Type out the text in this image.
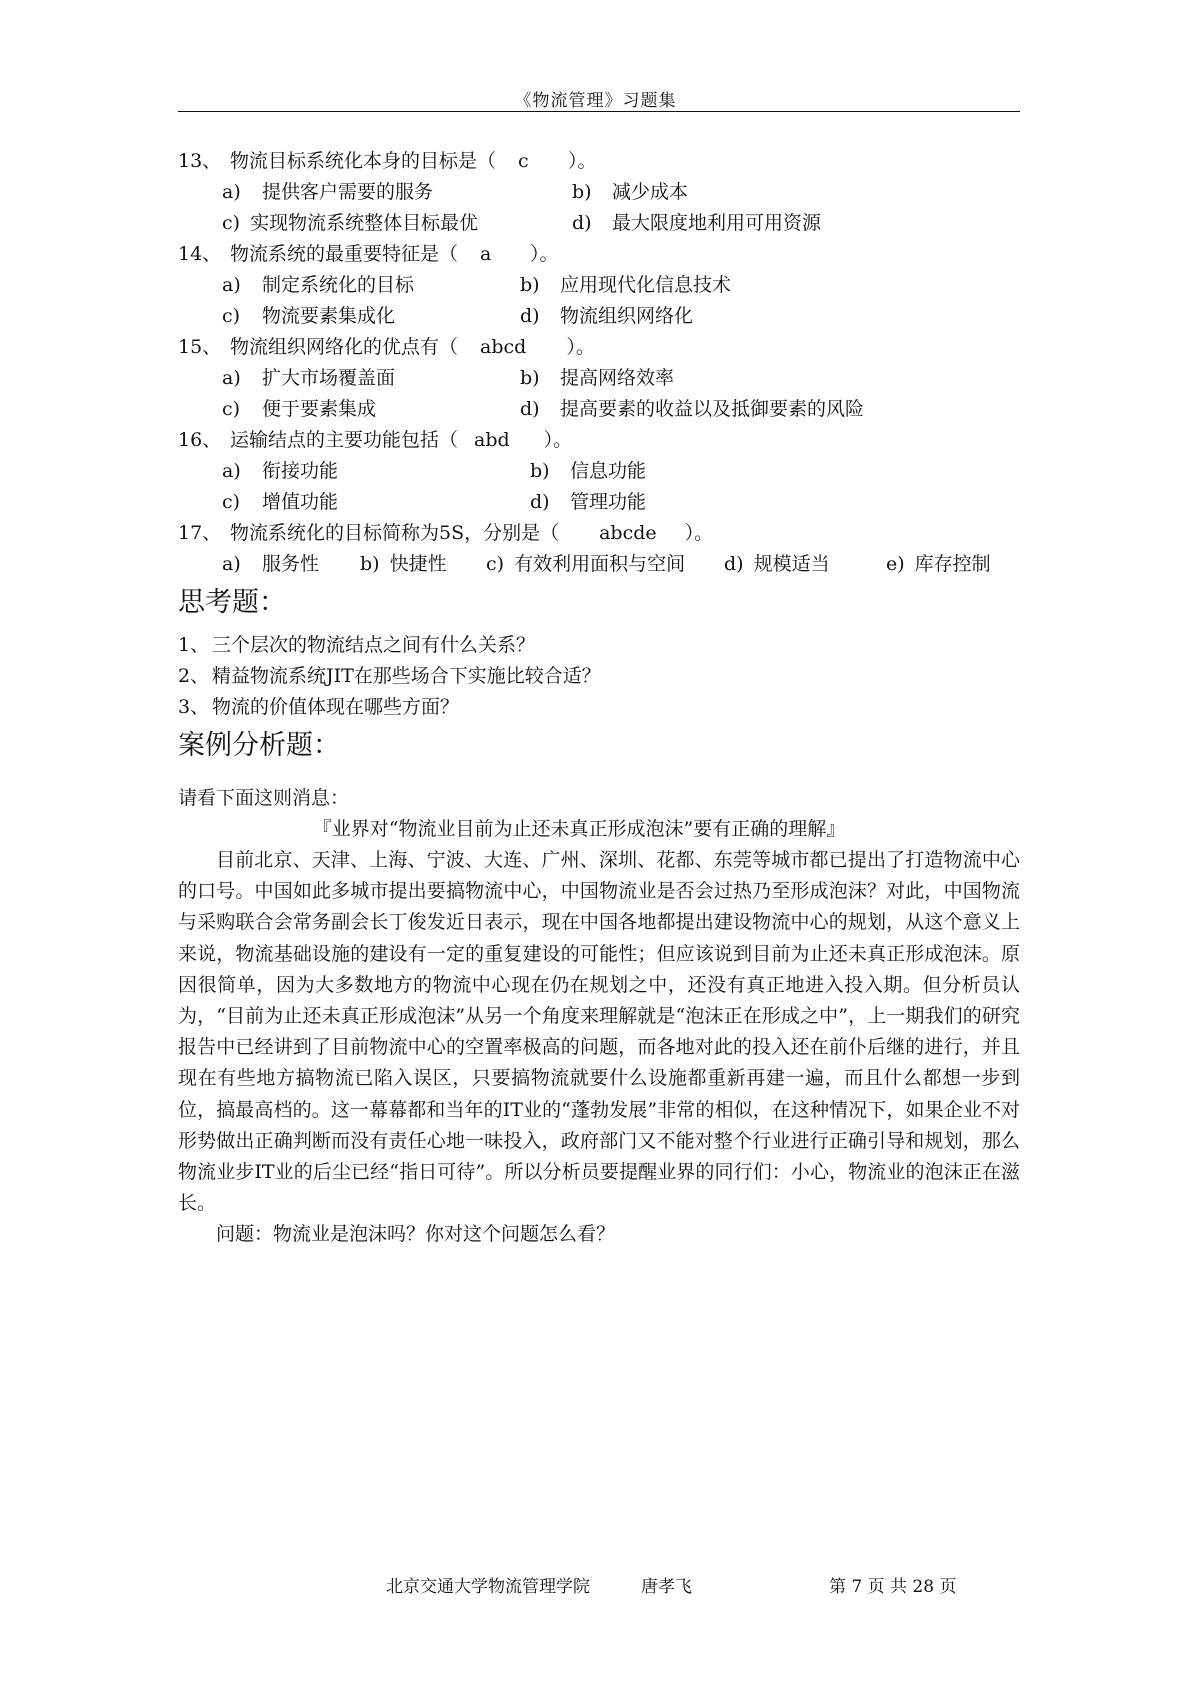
《物流管理》习题集
13、 物流目标系统化本身的目标是（ c ）。
a) 提供客户需要的服务	b) 减少成本
c) 实现物流系统整体目标最优	d) 最大限度地利用可用资源
14、 物流系统的最重要特征是（ a ）。
a) 制定系统化的目标	b) 应用现代化信息技术
c) 物流要素集成化	d) 物流组织网络化
15、 物流组织网络化的优点有（ abcd ）。
a) 扩大市场覆盖面	b) 提高网络效率
c) 便于要素集成	d) 提高要素的收益以及抵御要素的风险
16、 运输结点的主要功能包括（ abd ）。
a) 衔接功能	b) 信息功能
c) 增值功能	d) 管理功能
17、 物流系统化的目标简称为5S，分别是（ abcde ）。
a) 服务性 b) 快捷性 c) 有效利用面积与空间 d) 规模适当	e) 库存控制
思考题：
1、 三个层次的物流结点之间有什么关系？
2、 精益物流系统JIT在那些场合下实施比较合适？
3、 物流的价值体现在哪些方面？
案例分析题：
请看下面这则消息：
『业界对“物流业目前为止还未真正形成泡沫”要有正确的理解』

目前北京、天津、上海、宁波、大连、广州、深圳、花都、东莞等城市都已提出了打造物流中心的口号。中国如此多城市提出要搞物流中心，中国物流业是否会过热乃至形成泡沫？对此，中国物流与采购联合会常务副会长丁俊发近日表示，现在中国各地都提出建设物流中心的规划，从这个意义上来说，物流基础设施的建设有一定的重复建设的可能性；但应该说到目前为止还未真正形成泡沫。原因很简单，因为大多数地方的物流中心现在仍在规划之中，还没有真正地进入投入期。但分析员认为，“目前为止还未真正形成泡沫”从另一个角度来理解就是“泡沫正在形成之中”，上一期我们的研究报告中已经讲到了目前物流中心的空置率极高的问题，而各地对此的投入还在前仆后继的进行，并且现在有些地方搞物流已陷入误区，只要搞物流就要什么设施都重新再建一遍，而且什么都想一步到位，搞最高档的。这一幕幕都和当年的IT业的“蓬勃发展”非常的相似，在这种情况下，如果企业不对形势做出正确判断而没有责任心地一味投入，政府部门又不能对整个行业进行正确引导和规划，那么物流业步IT业的后尘已经“指日可待”。所以分析员要提醒业界的同行们：小心，物流业的泡沫正在滋长。

问题：物流业是泡沫吗？你对这个问题怎么看？

北京交通大学物流管理学院	唐孝飞	第 7 页 共 28 页
